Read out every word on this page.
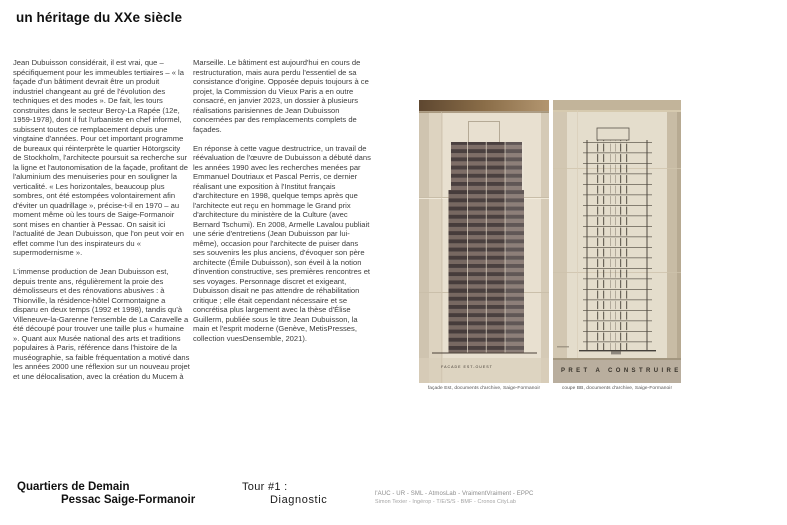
un héritage du XXe siècle

Jean Dubuisson considérait, il est vrai, que – spécifiquement pour les immeubles tertiaires – « la façade d'un bâtiment devrait être un produit industriel changeant au gré de l'évolution des techniques et des modes ». De fait, les tours construites dans le secteur Bercy-La Rapée (12e, 1959-1978), dont il fut l'urbaniste en chef informel, subissent toutes ce remplacement depuis une vingtaine d'années. Pour cet important programme de bureaux qui réinterprète le quartier Hötorgscity de Stockholm, l'architecte poursuit sa recherche sur la ligne et l'autonomisation de la façade, profitant de l'aluminium des menuiseries pour en souligner la verticalité. « Les horizontales, beaucoup plus sombres, ont été estompées volontairement afin d'éviter un quadrillage », précise-t-il en 1970 – au moment même où les tours de Saige-Formanoir sont mises en chantier à Pessac. On saisit ici l'actualité de Jean Dubuisson, que l'on peut voir en effet comme l'un des inspirateurs du « supermodernisme ».

L'immense production de Jean Dubuisson est, depuis trente ans, régulièrement la proie des démolisseurs et des rénovations abusives : à Thionville, la résidence-hôtel Cormontaigne a disparu en deux temps (1992 et 1998), tandis qu'à Villeneuve-la-Garenne l'ensemble de La Caravelle a été découpé pour trouver une taille plus « humaine ». Quant aux Musée national des arts et traditions populaires à Paris, référence dans l'histoire de la muséographie, sa faible fréquentation a motivé dans les années 2000 une réflexion sur un nouveau projet et une délocalisation, avec la création du Mucem à

Marseille. Le bâtiment est aujourd'hui en cours de restructuration, mais aura perdu l'essentiel de sa consistance d'origine. Opposée depuis toujours à ce projet, la Commission du Vieux Paris a en outre consacré, en janvier 2023, un dossier à plusieurs réalisations parisiennes de Jean Dubuisson concernées par des remplacements complets de façades.

En réponse à cette vague destructrice, un travail de réévaluation de l'œuvre de Dubuisson a débuté dans les années 1990 avec les recherches menées par Emmanuel Doutriaux et Pascal Perris, ce dernier réalisant une exposition à l'Institut français d'architecture en 1998, quelque temps après que l'architecte eut reçu en hommage le Grand prix d'architecture du ministère de la Culture (avec Bernard Tschumi). En 2008, Armelle Lavalou publiait une série d'entretiens (Jean Dubuisson par lui-même), occasion pour l'architecte de puiser dans ses souvenirs les plus anciens, d'évoquer son père architecte (Émile Dubuisson), son éveil à la notion d'invention constructive, ses premières rencontres et ses voyages. Personnage discret et exigeant, Dubuisson disait ne pas attendre de réhabilitation critique ; elle était cependant nécessaire et se concrétisa plus largement avec la thèse d'Élise Guillerm, publiée sous le titre Jean Dubuisson, la main et l'esprit moderne (Genève, MetisPresses, collection vuesDensemble, 2021).

FACADE EST-OUEST
façade Est, documents d'archive, Saige-Formanoir
PRET A CONSTRUIRE
coupe BB, documents d'archive, Saige-Formanoir
Quartiers de Demain
Pessac Saige-Formanoir
Tour #1 :
Diagnostic	l'AUC - UR - SML - AtmosLab - VraimentVraiment - EPPC
Simon Texier - Ingérop - T/E/S/S - BMF - Cronos CityLab
